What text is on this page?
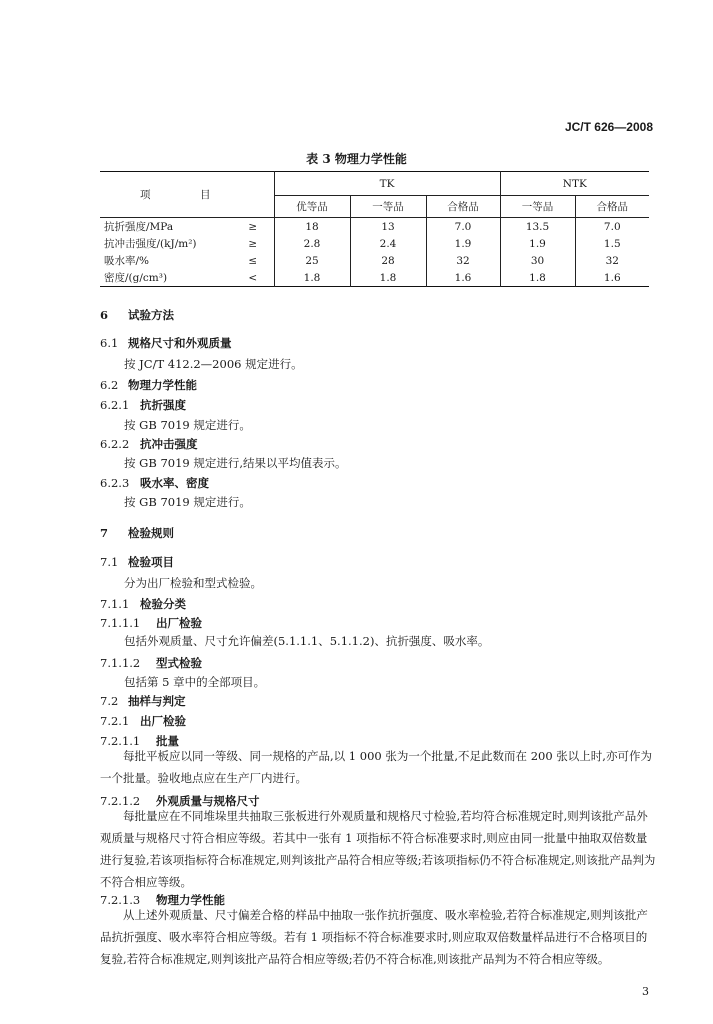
JC/T 626—2008
表 3 物理力学性能
项 目		TK			NTK	
		优等品	一等品	合格品	一等品	合格品
抗折强度/MPa	≥	18	13	7.0	13.5	7.0
抗冲击强度/(kJ/m²)	≥	2.8	2.4	1.9	1.9	1.5
吸水率/%	≤	25	28	32	30	32
密度/(g/cm³)	<	1.8	1.8	1.6	1.8	1.6
6 试验方法
6.1 规格尺寸和外观质量
按 JC/T 412.2—2006 规定进行。
6.2 物理力学性能
6.2.1 抗折强度
按 GB 7019 规定进行。
6.2.2 抗冲击强度
按 GB 7019 规定进行,结果以平均值表示。
6.2.3 吸水率、密度
按 GB 7019 规定进行。
7 检验规则
7.1 检验项目
分为出厂检验和型式检验。
7.1.1 检验分类
7.1.1.1 出厂检验
包括外观质量、尺寸允许偏差(5.1.1.1、5.1.1.2)、抗折强度、吸水率。
7.1.1.2 型式检验
包括第 5 章中的全部项目。
7.2 抽样与判定
7.2.1 出厂检验
7.2.1.1 批量
每批平板应以同一等级、同一规格的产品,以 1 000 张为一个批量,不足此数而在 200 张以上时,亦可作为一个批量。验收地点应在生产厂内进行。
7.2.1.2 外观质量与规格尺寸
每批量应在不同堆垛里共抽取三张板进行外观质量和规格尺寸检验,若均符合标准规定时,则判该批产品外观质量与规格尺寸符合相应等级。若其中一张有 1 项指标不符合标准要求时,则应由同一批量中抽取双倍数量进行复验,若该项指标符合标准规定,则判该批产品符合相应等级;若该项指标仍不符合标准规定,则该批产品判为不符合相应等级。
7.2.1.3 物理力学性能
从上述外观质量、尺寸偏差合格的样品中抽取一张作抗折强度、吸水率检验,若符合标准规定,则判该批产品抗折强度、吸水率符合相应等级。若有 1 项指标不符合标准要求时,则应取双倍数量样品进行不合格项目的复验,若符合标准规定,则判该批产品符合相应等级;若仍不符合标准,则该批产品判为不符合相应等级。
3
